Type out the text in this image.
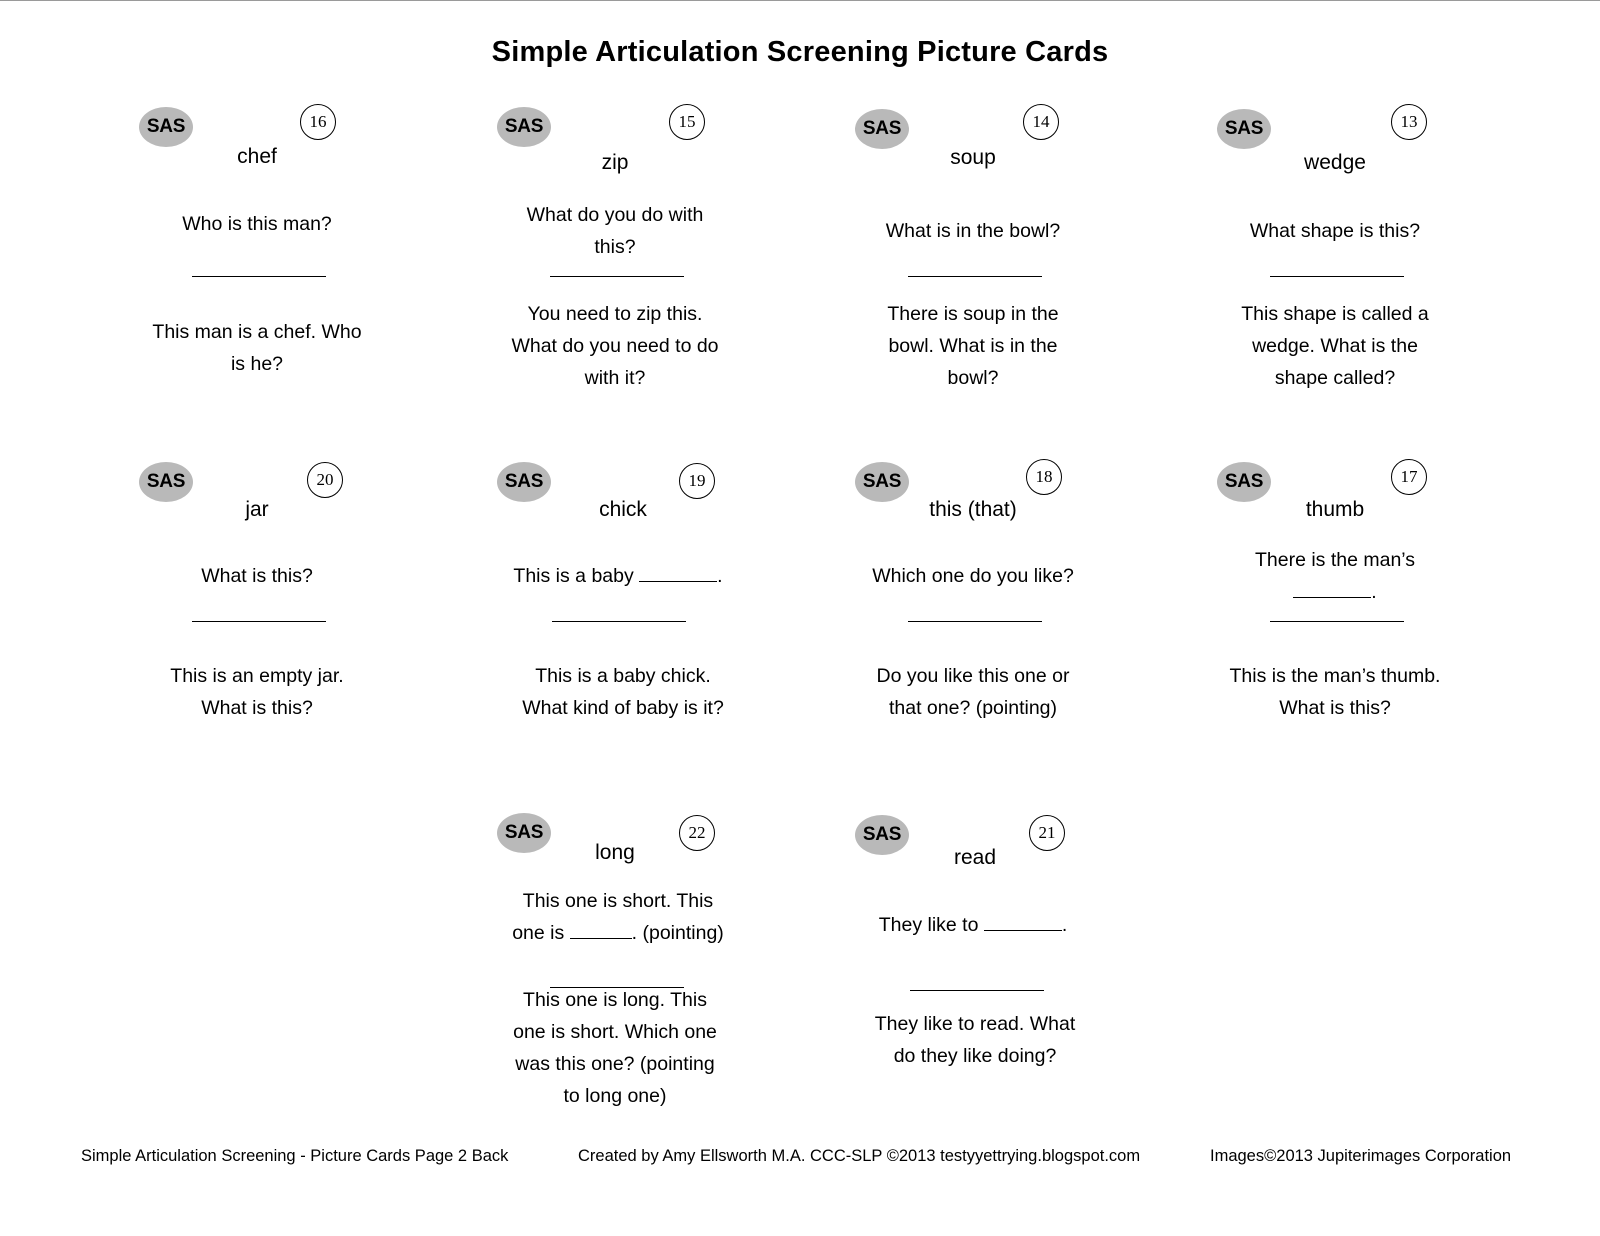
Simple Articulation Screening Picture Cards
SAS	16
chef
Who is this man?
This man is a chef. Who
is he?
SAS	15
zip
What do you do with
this?
You need to zip this.
What do you need to do
with it?
SAS	14
soup
What is in the bowl?
There is soup in the
bowl. What is in the
bowl?
SAS	13
wedge
What shape is this?
This shape is called a
wedge. What is the
shape called?
SAS	20
jar
What is this?
This is an empty jar.
What is this?
SAS	19
chick
This is a baby	.
This is a baby chick.
What kind of baby is it?
SAS	18
this (that)
Which one do you like?
Do you like this one or
that one? (pointing)
SAS	17
thumb
There is the man’s
.
This is the man’s thumb.
What is this?
SAS	22
long
This one is short. This
one is	. (pointing)
This one is long. This
one is short. Which one
was this one? (pointing
to long one)
SAS	21
read
They like to	.
They like to read. What
do they like doing?
Simple Articulation Screening - Picture Cards Page 2 Back	Created by Amy Ellsworth M.A. CCC-SLP ©2013 testyyettrying.blogspot.com	Images©2013 Jupiterimages Corporation
